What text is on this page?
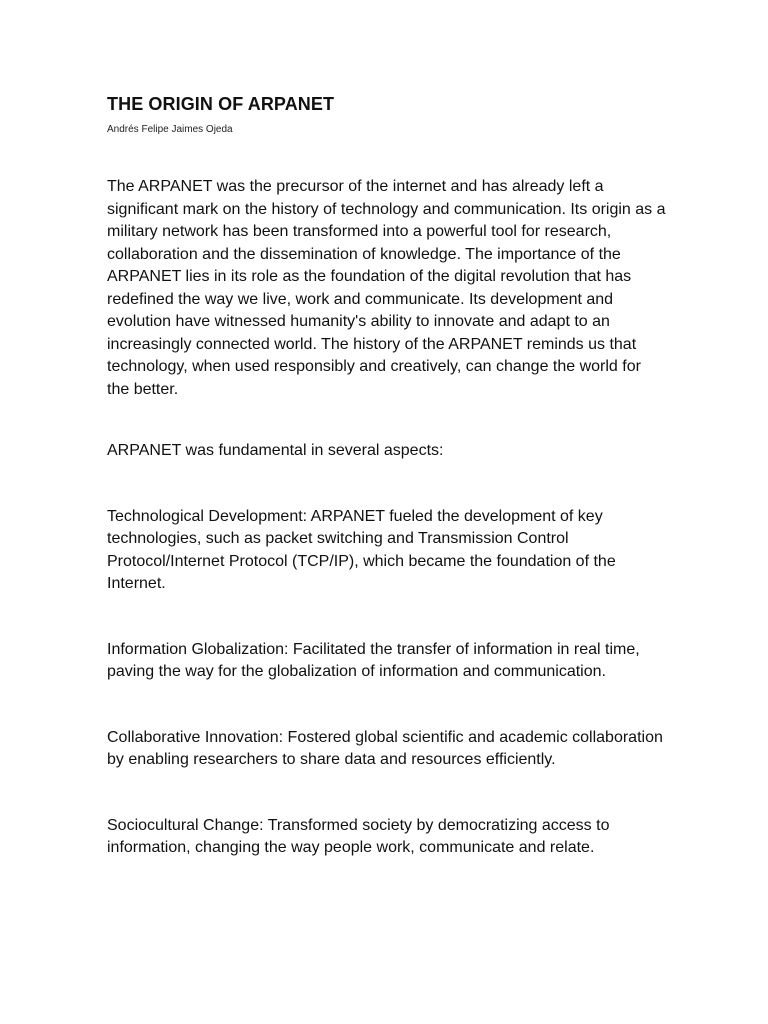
THE ORIGIN OF ARPANET

Andrés Felipe Jaimes Ojeda

The ARPANET was the precursor of the internet and has already left a significant mark on the history of technology and communication. Its origin as a military network has been transformed into a powerful tool for research, collaboration and the dissemination of knowledge. The importance of the ARPANET lies in its role as the foundation of the digital revolution that has redefined the way we live, work and communicate. Its development and evolution have witnessed humanity's ability to innovate and adapt to an increasingly connected world. The history of the ARPANET reminds us that technology, when used responsibly and creatively, can change the world for the better.

ARPANET was fundamental in several aspects:

Technological Development: ARPANET fueled the development of key technologies, such as packet switching and Transmission Control Protocol/Internet Protocol (TCP/IP), which became the foundation of the Internet.

Information Globalization: Facilitated the transfer of information in real time, paving the way for the globalization of information and communication.

Collaborative Innovation: Fostered global scientific and academic collaboration by enabling researchers to share data and resources efficiently.

Sociocultural Change: Transformed society by democratizing access to information, changing the way people work, communicate and relate.
